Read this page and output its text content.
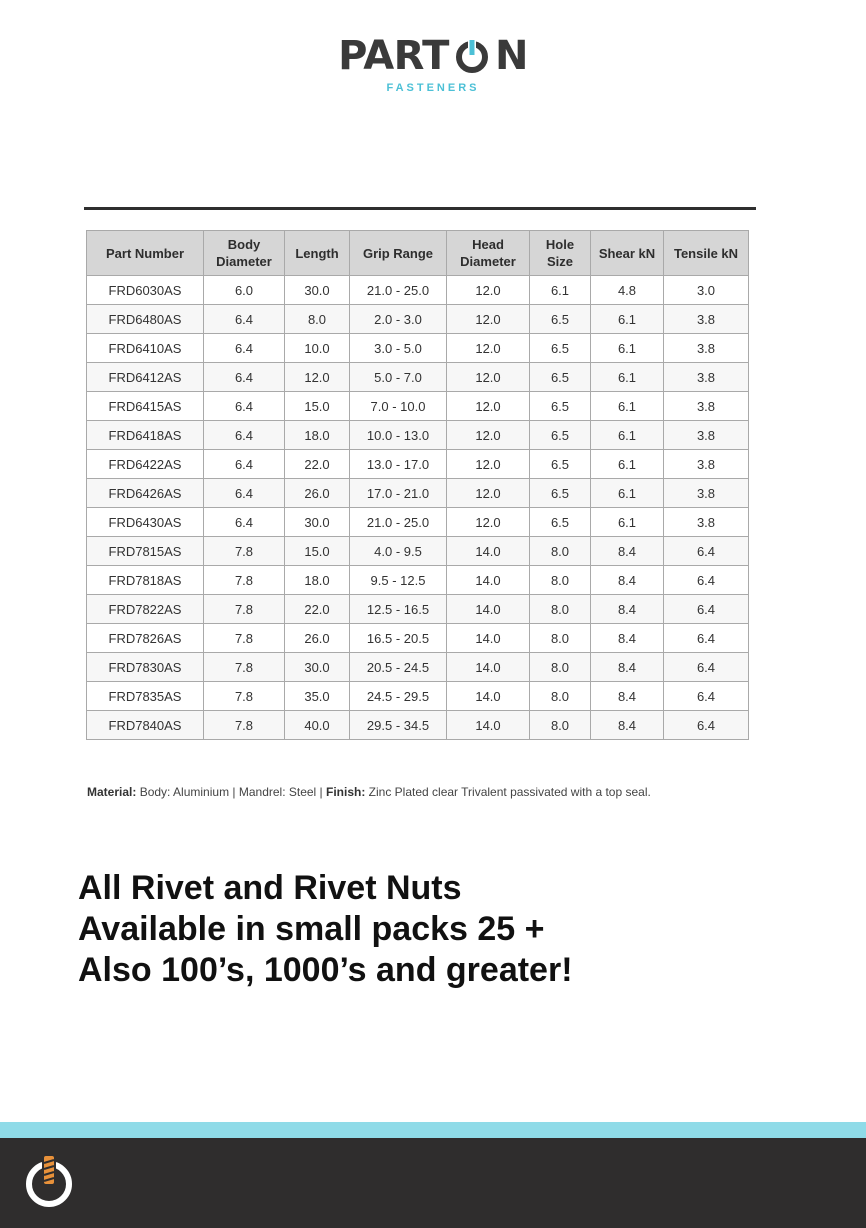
PART N
FASTENERS
Part Number	Body Diameter	Length	Grip Range	Head Diameter	Hole Size	Shear kN	Tensile kN
FRD6030AS	6.0	30.0	21.0 - 25.0	12.0	6.1	4.8	3.0
FRD6480AS	6.4	8.0	2.0 - 3.0	12.0	6.5	6.1	3.8
FRD6410AS	6.4	10.0	3.0 - 5.0	12.0	6.5	6.1	3.8
FRD6412AS	6.4	12.0	5.0 - 7.0	12.0	6.5	6.1	3.8
FRD6415AS	6.4	15.0	7.0 - 10.0	12.0	6.5	6.1	3.8
FRD6418AS	6.4	18.0	10.0 - 13.0	12.0	6.5	6.1	3.8
FRD6422AS	6.4	22.0	13.0 - 17.0	12.0	6.5	6.1	3.8
FRD6426AS	6.4	26.0	17.0 - 21.0	12.0	6.5	6.1	3.8
FRD6430AS	6.4	30.0	21.0 - 25.0	12.0	6.5	6.1	3.8
FRD7815AS	7.8	15.0	4.0 - 9.5	14.0	8.0	8.4	6.4
FRD7818AS	7.8	18.0	9.5 - 12.5	14.0	8.0	8.4	6.4
FRD7822AS	7.8	22.0	12.5 - 16.5	14.0	8.0	8.4	6.4
FRD7826AS	7.8	26.0	16.5 - 20.5	14.0	8.0	8.4	6.4
FRD7830AS	7.8	30.0	20.5 - 24.5	14.0	8.0	8.4	6.4
FRD7835AS	7.8	35.0	24.5 - 29.5	14.0	8.0	8.4	6.4
FRD7840AS	7.8	40.0	29.5 - 34.5	14.0	8.0	8.4	6.4
Material: Body: Aluminium | Mandrel: Steel | Finish: Zinc Plated clear Trivalent passivated with a top seal.
All Rivet and Rivet Nuts
Available in small packs 25 +
Also 100’s, 1000’s and greater!
